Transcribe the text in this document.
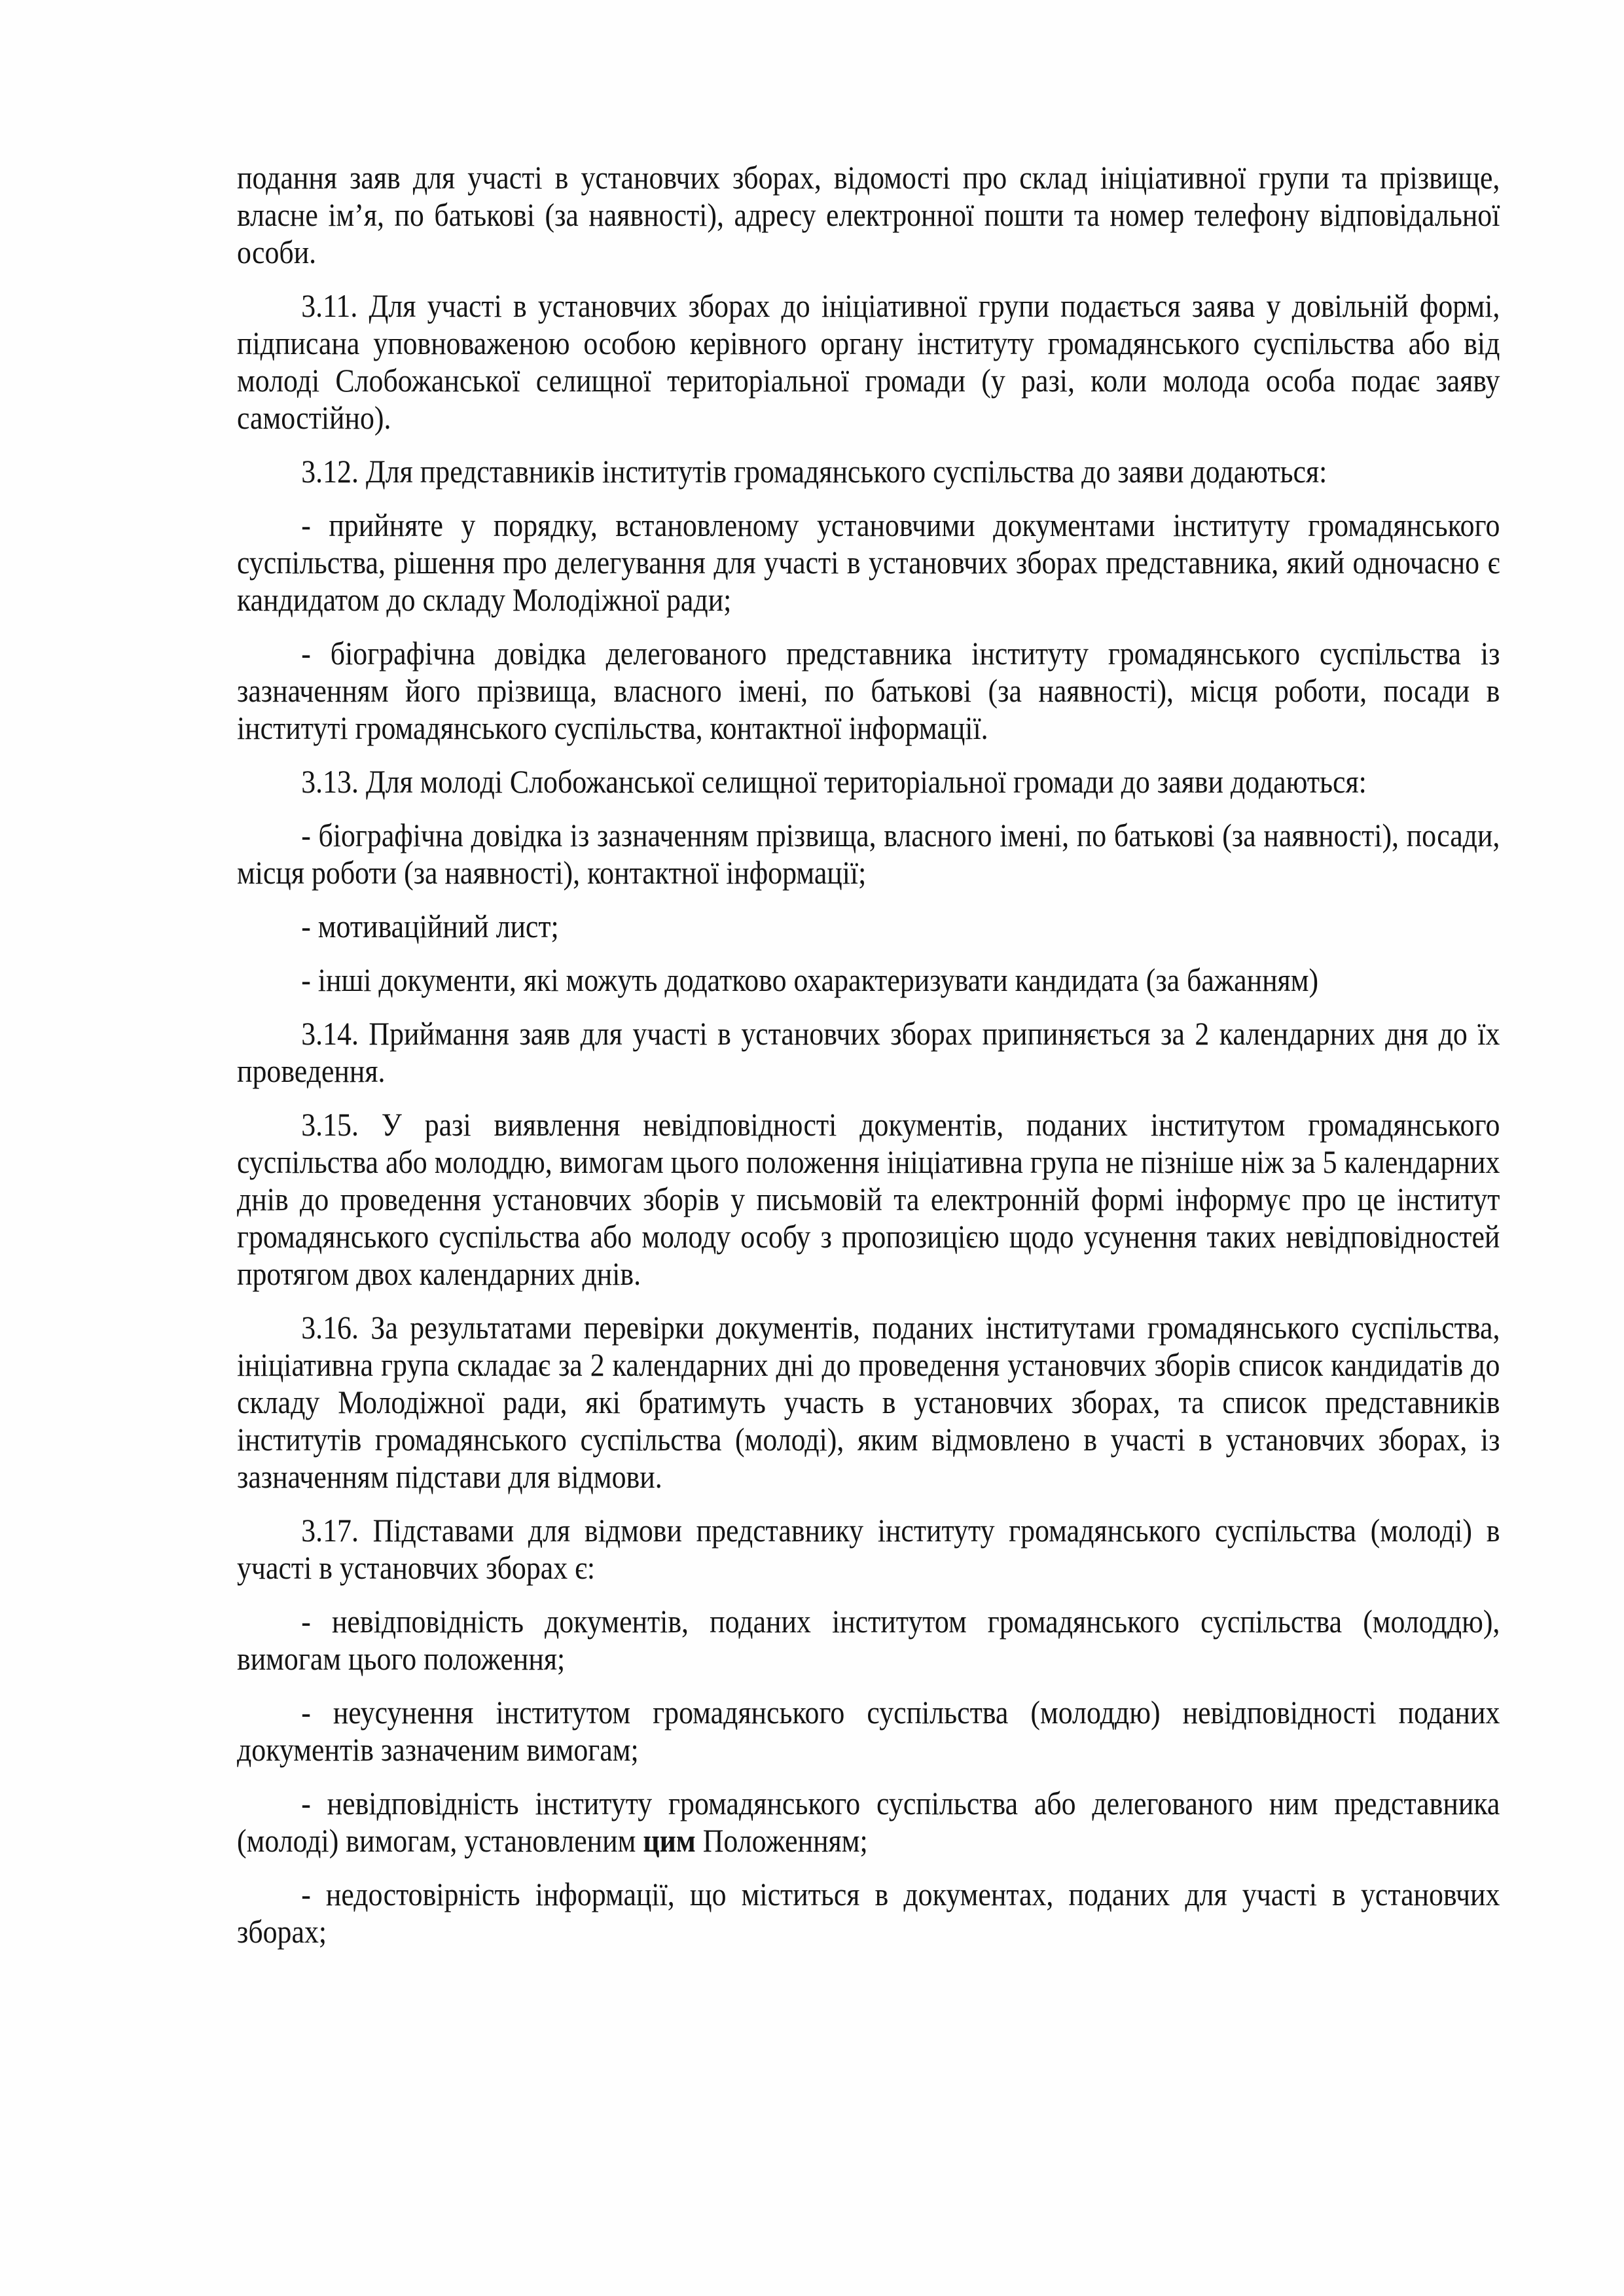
подання заяв для участі в установчих зборах, відомості про склад ініціативної групи та прізвище, власне ім’я, по батькові (за наявності), адресу електронної пошти та номер телефону відповідальної особи.

3.11. Для участі в установчих зборах до ініціативної групи подається заява у довільній формі, підписана уповноваженою особою керівного органу інституту громадянського суспільства або від молоді Слобожанської селищної територіальної громади (у разі, коли молода особа подає заяву самостійно).

3.12. Для представників інститутів громадянського суспільства до заяви додаються:

- прийняте у порядку, встановленому установчими документами інституту громадянського суспільства, рішення про делегування для участі в установчих зборах представника, який одночасно є кандидатом до складу Молодіжної ради;

- біографічна довідка делегованого представника інституту громадянського суспільства із зазначенням його прізвища, власного імені, по батькові (за наявності), місця роботи, посади в інституті громадянського суспільства, контактної інформації.

3.13. Для молоді Слобожанської селищної територіальної громади до заяви додаються:

- біографічна довідка із зазначенням прізвища, власного імені, по батькові (за наявності), посади, місця роботи (за наявності), контактної інформації;

- мотиваційний лист;

- інші документи, які можуть додатково охарактеризувати кандидата (за бажанням)

3.14. Приймання заяв для участі в установчих зборах припиняється за 2 календарних дня до їх проведення.

3.15. У разі виявлення невідповідності документів, поданих інститутом громадянського суспільства або молоддю, вимогам цього положення ініціативна група не пізніше ніж за 5 календарних днів до проведення установчих зборів у письмовій та електронній формі інформує про це інститут громадянського суспільства або молоду особу з пропозицією щодо усунення таких невідповідностей протягом двох календарних днів.

3.16. За результатами перевірки документів, поданих інститутами громадянського суспільства, ініціативна група складає за 2 календарних дні до проведення установчих зборів список кандидатів до складу Молодіжної ради, які братимуть участь в установчих зборах, та список представників інститутів громадянського суспільства (молоді), яким відмовлено в участі в установчих зборах, із зазначенням підстави для відмови.

3.17. Підставами для відмови представнику інституту громадянського суспільства (молоді) в участі в установчих зборах є:

- невідповідність документів, поданих інститутом громадянського суспільства (молоддю), вимогам цього положення;

- неусунення інститутом громадянського суспільства (молоддю) невідповідності поданих документів зазначеним вимогам;

- невідповідність інституту громадянського суспільства або делегованого ним представника (молоді) вимогам, установленим цим Положенням;

- недостовірність інформації, що міститься в документах, поданих для участі в установчих зборах;
